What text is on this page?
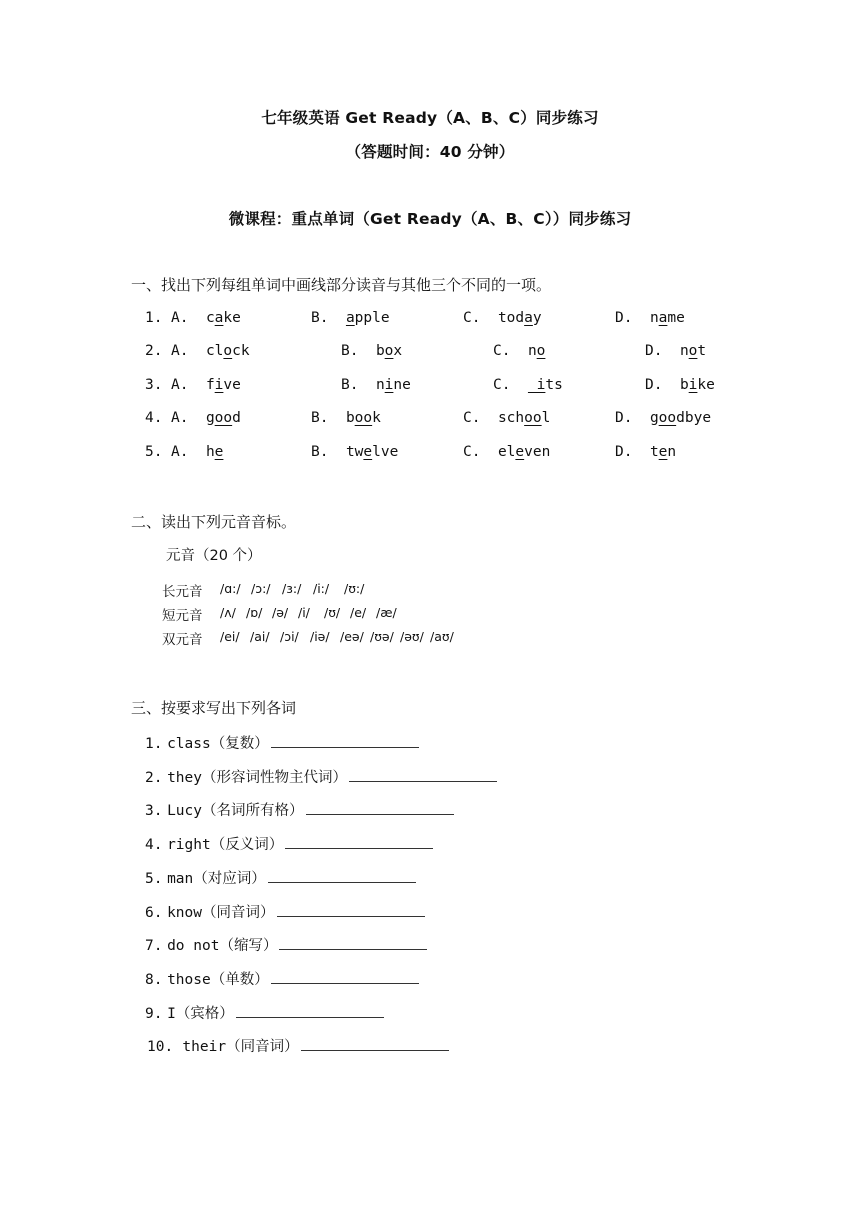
七年级英语 Get Ready（A、B、C）同步练习
（答题时间：40 分钟）
微课程：重点单词（Get Ready（A、B、C））同步练习
一、找出下列每组单词中画线部分读音与其他三个不同的一项。
1. A. cake	B. apple	C. today	D. name
2. A. clock	B. box	C. no	D. not
3. A. five	B. nine	C.   its	D. bike
4. A. good	B. book	C. school	D. goodbye
5. A. he	B. twelve	C. eleven	D. ten
二、读出下列元音音标。
元音（20 个）
长元音 /ɑ:/ /ɔ:/ /ɜ:/ /i:/ /ʊ:/
短元音 /ʌ/ /ɒ/ /ə/ /i/ /ʊ/ /e/ /æ/
双元音 /ei/ /ai/ /ɔi/ /iə/ /eə/ /ʊə/ /əʊ/ /aʊ/
三、按要求写出下列各词
1. class（复数）
2. they（形容词性物主代词）
3. Lucy（名词所有格）
4. right（反义词）
5. man（对应词）
6. know（同音词）
7. do not（缩写）
8. those（单数）
9. I（宾格）
10. their（同音词）
